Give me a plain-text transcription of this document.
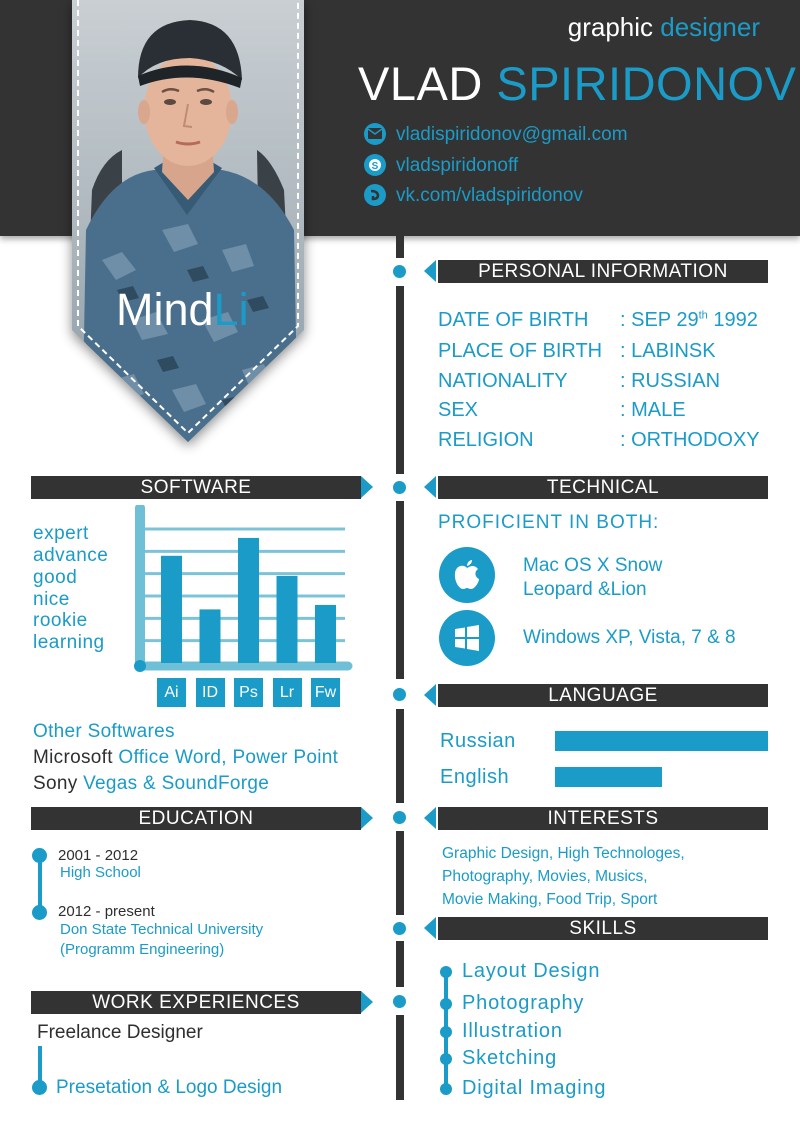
MindLi
graphic designer
VLAD SPIRIDONOV
vladispiridonov@gmail.com
S vladspiridonoff
vk.com/vladspiridonov
PERSONAL INFORMATION
DATE OF BIRTH : SEP 29th 1992
PLACE OF BIRTH : LABINSK
NATIONALITY	: RUSSIAN
SEX	: MALE
RELIGION	: ORTHODOXY
SOFTWARE
expert
advance
good
nice
rookie
learning
Ai	ID	Ps	Lr	Fw
Other Softwares
Microsoft Office Word, Power Point
Sony Vegas & SoundForge
TECHNICAL
PROFICIENT IN BOTH:
Mac OS X Snow
Leopard &Lion
Windows XP, Vista, 7 & 8
LANGUAGE
Russian
English
EDUCATION
2001 - 2012
High School
2012 - present
Don State Technical University
(Programm Engineering)
INTERESTS
Graphic Design, High Technologes,
Photography, Movies, Musics,
Movie Making, Food Trip, Sport
SKILLS
Layout Design
Photography
Illustration
Sketching
Digital Imaging
WORK EXPERIENCES
Freelance Designer
Presetation & Logo Design
